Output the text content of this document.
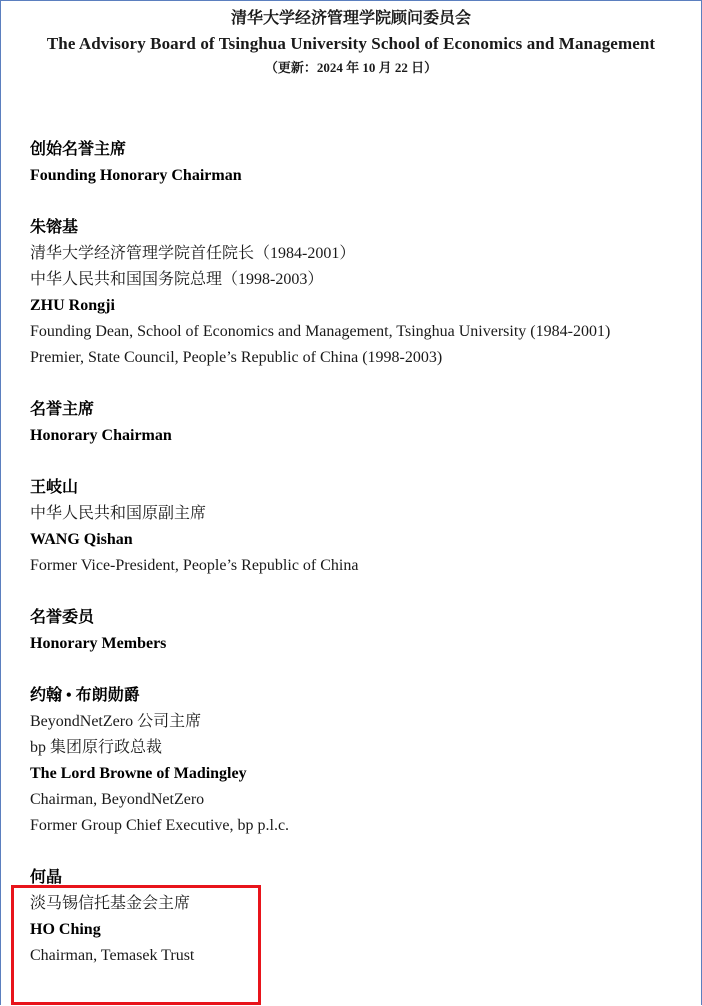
清华大学经济管理学院顾问委员会
The Advisory Board of Tsinghua University School of Economics and Management
（更新：2024 年 10 月 22 日）
创始名誉主席
Founding Honorary Chairman
朱镕基
清华大学经济管理学院首任院长（1984-2001）
中华人民共和国国务院总理（1998-2003）
ZHU Rongji
Founding Dean, School of Economics and Management, Tsinghua University (1984-2001)
Premier, State Council, People’s Republic of China (1998-2003)
名誉主席
Honorary Chairman
王岐山
中华人民共和国原副主席
WANG Qishan
Former Vice-President, People’s Republic of China
名誉委员
Honorary Members
约翰 • 布朗勋爵
BeyondNetZero 公司主席
bp 集团原行政总裁
The Lord Browne of Madingley
Chairman, BeyondNetZero
Former Group Chief Executive, bp p.l.c.
何晶
淡马锡信托基金会主席
HO Ching
Chairman, Temasek Trust
